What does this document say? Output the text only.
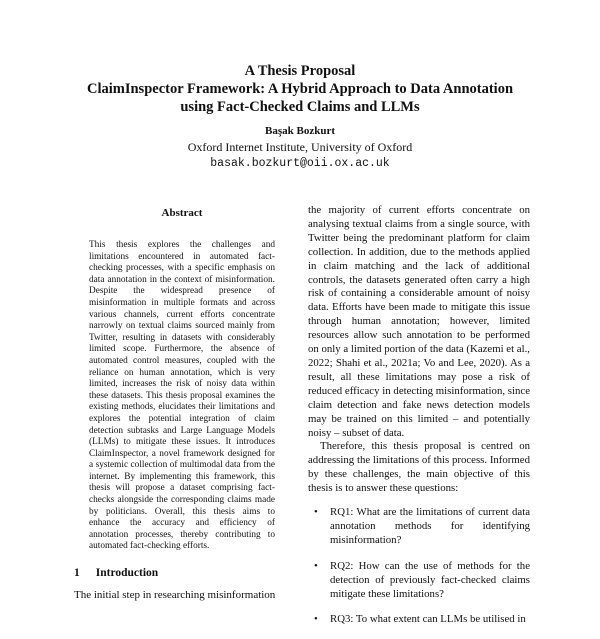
A Thesis Proposal

ClaimInspector Framework: A Hybrid Approach to Data Annotation

using Fact-Checked Claims and LLMs

Başak Bozkurt
Oxford Internet Institute, University of Oxford
basak.bozkurt@oii.ox.ac.uk
Abstract

This thesis explores the challenges and limitations encountered in automated fact-checking processes, with a specific emphasis on data annotation in the context of misinformation. Despite the widespread presence of misinformation in multiple formats and across various channels, current efforts concentrate narrowly on textual claims sourced mainly from Twitter, resulting in datasets with considerably limited scope. Furthermore, the absence of automated control measures, coupled with the reliance on human annotation, which is very limited, increases the risk of noisy data within these datasets. This thesis proposal examines the existing methods, elucidates their limitations and explores the potential integration of claim detection subtasks and Large Language Models (LLMs) to mitigate these issues. It introduces ClaimInspector, a novel framework designed for a systemic collection of multimodal data from the internet. By implementing this framework, this thesis will propose a dataset comprising fact-checks alongside the corresponding claims made by politicians. Overall, this thesis aims to enhance the accuracy and efficiency of annotation processes, thereby contributing to automated fact-checking efforts.

1 Introduction
The initial step in researching misinformation

the majority of current efforts concentrate on analysing textual claims from a single source, with Twitter being the predominant platform for claim collection. In addition, due to the methods applied in claim matching and the lack of additional controls, the datasets generated often carry a high risk of containing a considerable amount of noisy data. Efforts have been made to mitigate this issue through human annotation; however, limited resources allow such annotation to be performed on only a limited portion of the data (Kazemi et al., 2022; Shahi et al., 2021a; Vo and Lee, 2020). As a result, all these limitations may pose a risk of reduced efficacy in detecting misinformation, since claim detection and fake news detection models may be trained on this limited – and potentially noisy – subset of data.

Therefore, this thesis proposal is centred on addressing the limitations of this process. Informed by these challenges, the main objective of this thesis is to answer these questions:

• RQ1: What are the limitations of current data annotation methods for identifying misinformation?

• RQ2: How can the use of methods for the detection of previously fact-checked claims mitigate these limitations?

• RQ3: To what extent can LLMs be utilised in
